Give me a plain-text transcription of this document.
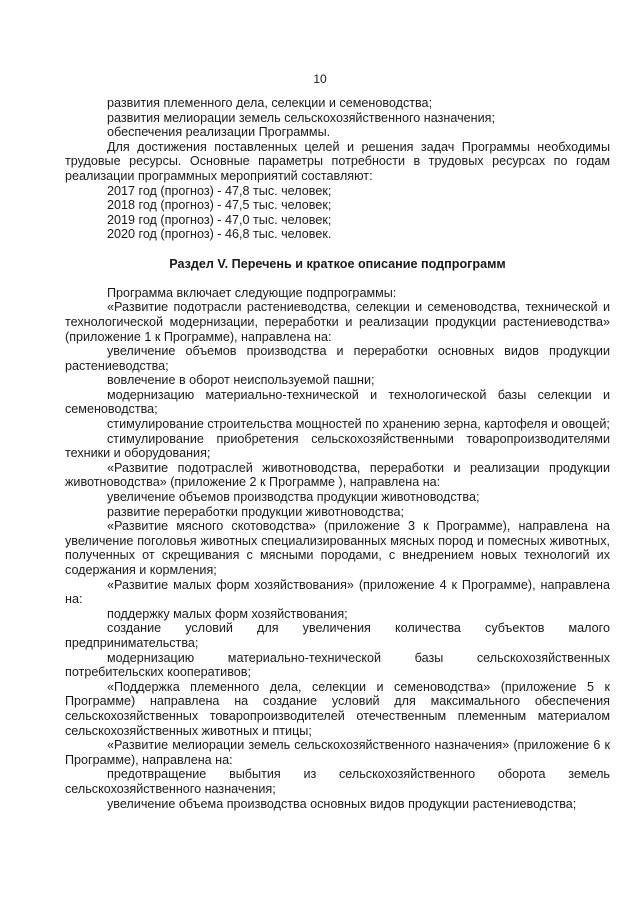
10

развития племенного дела, селекции и семеноводства;

развития мелиорации земель сельскохозяйственного назначения;

обеспечения реализации Программы.

Для достижения поставленных целей и решения задач Программы необходимы трудовые ресурсы. Основные параметры потребности в трудовых ресурсах по годам реализации программных мероприятий составляют:

2017 год (прогноз) - 47,8 тыс. человек;

2018 год (прогноз) - 47,5 тыс. человек;

2019 год (прогноз) - 47,0 тыс. человек;

2020 год (прогноз) - 46,8 тыс. человек.

Раздел V. Перечень и краткое описание подпрограмм

Программа включает следующие подпрограммы:

«Развитие подотрасли растениеводства, селекции и семеноводства, технической и технологической модернизации, переработки и реализации продукции растениеводства» (приложение 1 к Программе), направлена на:

увеличение объемов производства и переработки основных видов продукции растениеводства;

вовлечение в оборот неиспользуемой пашни;

модернизацию материально-технической и технологической базы селекции и семеноводства;

стимулирование строительства мощностей по хранению зерна, картофеля и овощей;

стимулирование приобретения сельскохозяйственными товаропроизводителями техники и оборудования;

«Развитие подотраслей животноводства, переработки и реализации продукции животноводства» (приложение 2 к Программе ), направлена на:

увеличение объемов производства продукции животноводства;

развитие переработки продукции животноводства;

«Развитие мясного скотоводства» (приложение 3 к Программе), направлена на увеличение поголовья животных специализированных мясных пород и помесных животных, полученных от скрещивания с мясными породами, с внедрением новых технологий их содержания и кормления;

«Развитие малых форм хозяйствования» (приложение 4 к Программе), направлена на:

поддержку малых форм хозяйствования;

создание условий для увеличения количества субъектов малого предпринимательства;

модернизацию материально-технической базы сельскохозяйственных потребительских кооперативов;

«Поддержка племенного дела, селекции и семеноводства» (приложение 5 к Программе) направлена на создание условий для максимального обеспечения сельскохозяйственных товаропроизводителей отечественным племенным материалом сельскохозяйственных животных и птицы;

«Развитие мелиорации земель сельскохозяйственного назначения» (приложение 6 к Программе), направлена на:

предотвращение выбытия из сельскохозяйственного оборота земель сельскохозяйственного назначения;

увеличение объема производства основных видов продукции растениеводства;
